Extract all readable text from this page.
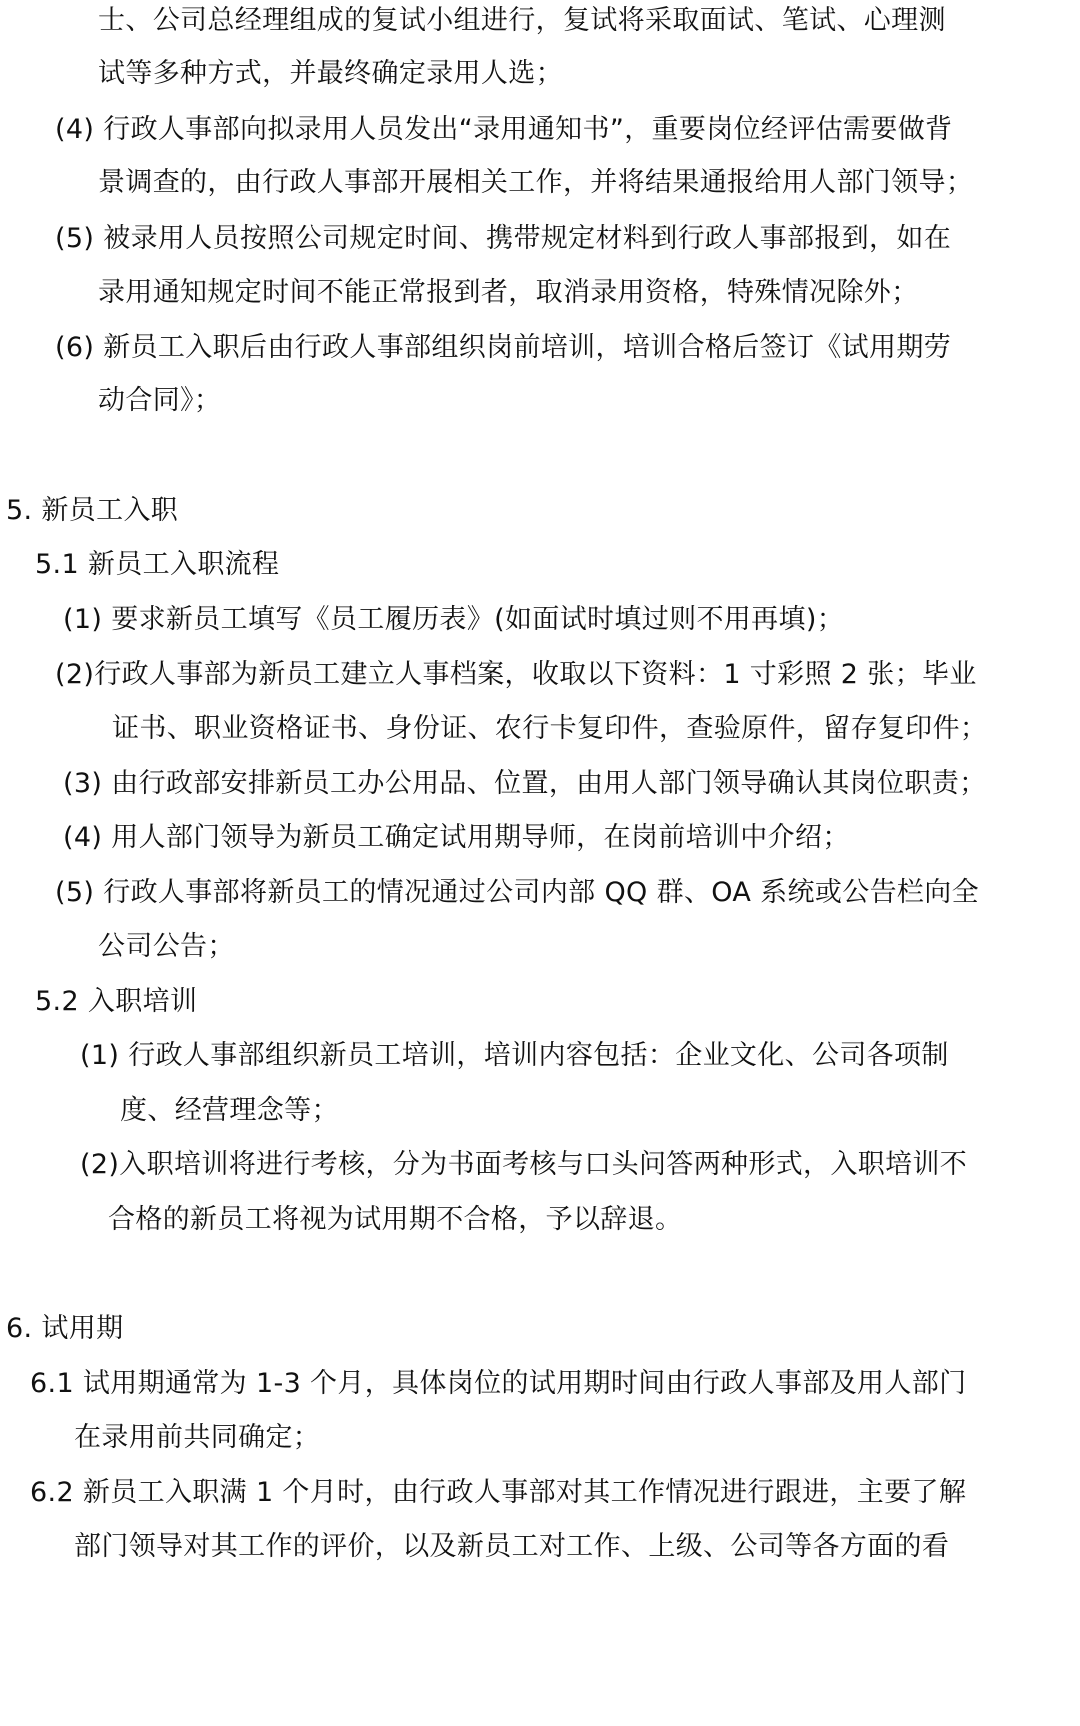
士、公司总经理组成的复试小组进行，复试将采取面试、笔试、心理测
试等多种方式，并最终确定录用人选；
(4) 行政人事部向拟录用人员发出“录用通知书”，重要岗位经评估需要做背
景调查的，由行政人事部开展相关工作，并将结果通报给用人部门领导；
(5) 被录用人员按照公司规定时间、携带规定材料到行政人事部报到，如在
录用通知规定时间不能正常报到者，取消录用资格，特殊情况除外；
(6) 新员工入职后由行政人事部组织岗前培训，培训合格后签订《试用期劳
动合同》；
5. 新员工入职
5.1 新员工入职流程
(1) 要求新员工填写《员工履历表》(如面试时填过则不用再填)；
(2)行政人事部为新员工建立人事档案，收取以下资料：1 寸彩照 2 张；毕业
证书、职业资格证书、身份证、农行卡复印件，查验原件，留存复印件；
(3) 由行政部安排新员工办公用品、位置，由用人部门领导确认其岗位职责；
(4) 用人部门领导为新员工确定试用期导师，在岗前培训中介绍；
(5) 行政人事部将新员工的情况通过公司内部 QQ 群、OA 系统或公告栏向全
公司公告；
5.2 入职培训
(1) 行政人事部组织新员工培训，培训内容包括：企业文化、公司各项制
度、经营理念等；
(2)入职培训将进行考核，分为书面考核与口头问答两种形式，入职培训不
合格的新员工将视为试用期不合格，予以辞退。
6. 试用期
6.1 试用期通常为 1-3 个月，具体岗位的试用期时间由行政人事部及用人部门
在录用前共同确定；
6.2 新员工入职满 1 个月时，由行政人事部对其工作情况进行跟进，主要了解
部门领导对其工作的评价，以及新员工对工作、上级、公司等各方面的看
